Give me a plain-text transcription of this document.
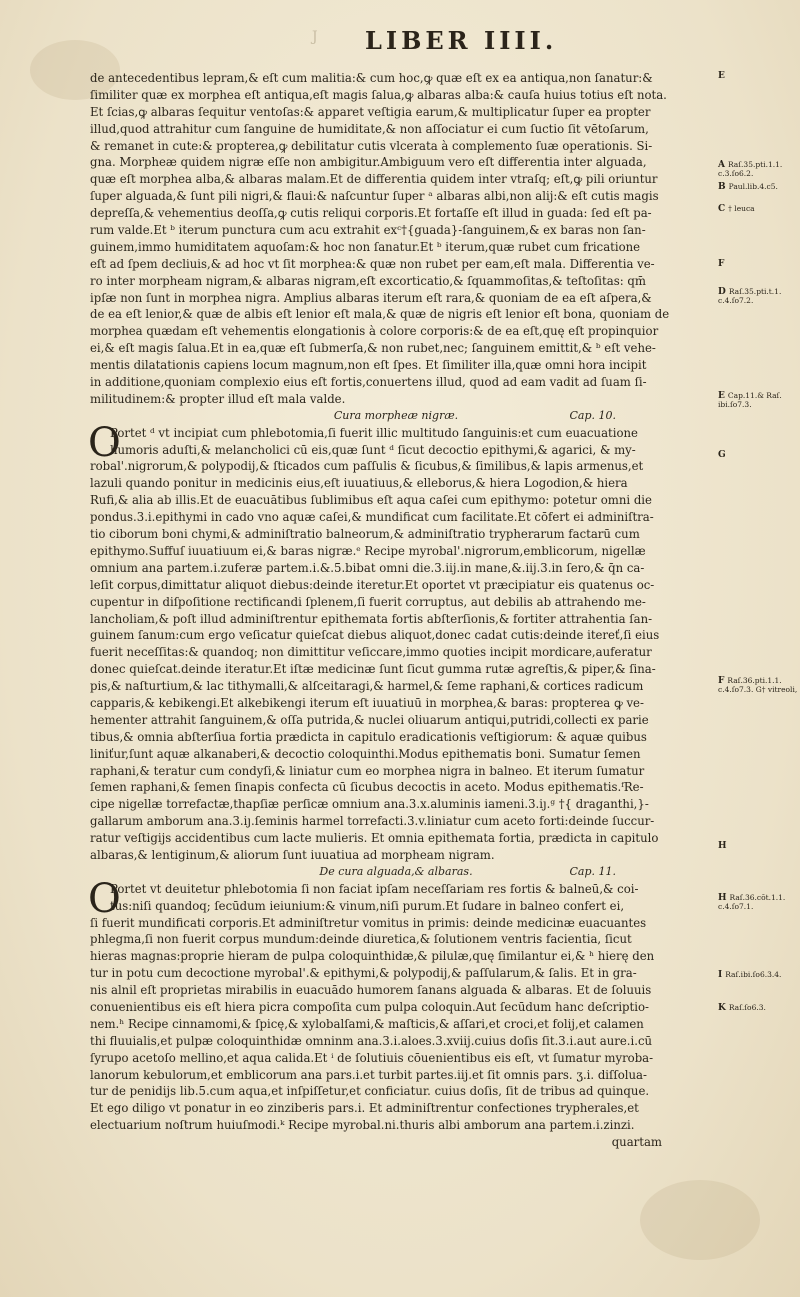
J LIBER IIII.
de antecedentibus lepram,& eſt cum malitia:& cum hoc,ꝙ quæ eſt ex ea antiqua,non ſanatur:&
ſimiliter quæ ex morphea eſt antiqua,eſt magis ſalua,ꝙ albaras alba:& cauſa huius totius eſt nota.
Et ſcias,ꝙ albaras ſequitur ventoſas:& apparet veſtigia earum,& multiplicatur ſuper ea propter
illud,quod attrahitur cum ſanguine de humiditate,& non aſſociatur ei cum ſuctio ſit vētoſarum,
& remanet in cute:& propterea,ꝙ debilitatur cutis vlcerata à complemento ſuæ operationis. Si-
gna. Morpheæ quidem nigræ eſſe non ambigitur.Ambiguum vero eſt differentia inter alguada,
quæ eſt morphea alba,& albaras malam.Et de differentia quidem inter vtraſq; eſt,ꝙ pili oriuntur
ſuper alguada,& ſunt pili nigri,& flaui:& naſcuntur ſuper ᵃ albaras albi,non alij:& eſt cutis magis
depreſſa,& vehementius deoſſa,ꝙ cutis reliqui corporis.Et fortaſſe eſt illud in guada: ſed eſt pa-
rum valde.Et ᵇ iterum punctura cum acu extrahit exᶜ†{guada}-ſanguinem,& ex baras non ſan-
guinem,immo humiditatem aquoſam:& hoc non ſanatur.Et ᵇ iterum,quæ rubet cum fricatione
eſt ad ſpem decliuis,& ad hoc vt ſit morphea:& quæ non rubet per eam,eſt mala. Differentia ve-
ro inter morpheam nigram,& albaras nigram,eſt excorticatio,& ſquammoſitas,& teſtoſitas: qm̄
ipſæ non ſunt in morphea nigra. Amplius albaras iterum eſt rara,& quoniam de ea eſt aſpera,&
de ea eſt lenior,& quæ de albis eſt lenior eſt mala,& quæ de nigris eſt lenior eſt bona, quoniam de
morphea quædam eſt vehementis elongationis à colore corporis:& de ea eſt,quę eſt propinquior
ei,& eſt magis ſalua.Et in ea,quæ eſt ſubmerſa,& non rubet,nec; ſanguinem emittit,& ᵇ eſt vehe-
mentis dilatationis capiens locum magnum,non eſt ſpes. Et ſimiliter illa,quæ omni hora incipit
in additione,quoniam complexio eius eſt fortis,conuertens illud, quod ad eam vadit ad ſuam ſi-
militudinem:& propter illud eſt mala valde.
Cura morpheæ nigræ.	Cap. 10.
O
Portet ᵈ vt incipiat cum phlebotomia,ſi fuerit illic multitudo ſanguinis:et cum euacuatione
humoris aduſti,& melancholici cū eis,quæ ſunt ᵈ ſicut decoctio epithymi,& agarici, & my-
robal'.nigrorum,& polypodij,& ſticados cum paſſulis & ſicubus,& ſimilibus,& lapis armenus,et
lazuli quando ponitur in medicinis eius,eſt iuuatiuus,& elleborus,& hiera Logodion,& hiera
Rufi,& alia ab illis.Et de euacuātibus ſublimibus eſt aqua caſei cum epithymo: potetur omni die
pondus.3.i.epithymi in cado vno aquæ caſei,& mundificat cum facilitate.Et cōfert ei adminiſtra-
tio ciborum boni chymi,& adminiſtratio balneorum,& adminiſtratio trypherarum factarū cum
epithymo.Suffuſ iuuatiuum ei,& baras nigræ.ᵉ Recipe myrobal'.nigrorum,emblicorum, nigellæ
omnium ana partem.i.zuferæ partem.i.&.5.bibat omni die.3.iij.in mane,&.iij.3.in ſero,& q̄n ca-
leſit corpus,dimittatur aliquot diebus:deinde iteretur.Et oportet vt præcipiatur eis quatenus oc-
cupentur in diſpoſitione rectificandi ſplenem,ſi fuerit corruptus, aut debilis ab attrahendo me-
lancholiam,& poſt illud adminiſtrentur epithemata fortis abſterſionis,& fortiter attrahentia ſan-
guinem ſanum:cum ergo veſicatur quieſcat diebus aliquot,donec cadat cutis:deinde itereť,ſi eius
fuerit neceſſitas:& quandoq; non dimittitur veſiccare,immo quoties incipit mordicare,auferatur
donec quieſcat.deinde iteratur.Et iſtæ medicinæ ſunt ſicut gumma rutæ agreſtis,& piper,& ſina-
pis,& naſturtium,& lac tithymalli,& alſceitaragi,& harmel,& ſeme raphani,& cortices radicum
capparis,& kebikengi.Et alkebikengi iterum eſt iuuatiuū in morphea,& baras: propterea ꝙ ve-
hementer attrahit ſanguinem,& oſſa putrida,& nuclei oliuarum antiqui,putridi,collecti ex parie
tibus,& omnia abſterſiua fortia prædicta in capitulo eradicationis veſtigiorum: & aquæ quibus
liniťur,ſunt aquæ alkanaberi,& decoctio coloquinthi.Modus epithematis boni. Sumatur ſemen
raphani,& teratur cum condyſi,& liniatur cum eo morphea nigra in balneo. Et iterum ſumatur
ſemen raphani,& ſemen ſinapis confecta cū ſicubus decoctis in aceto. Modus epithematis.ᶠRe-
cipe nigellæ torrefactæ,thapſiæ perſicæ omnium ana.3.x.aluminis iameni.3.iȷ.ᵍ †{ draganthi,}-
gallarum amborum ana.3.iȷ.ſeminis harmel torrefacti.3.v.liniatur cum aceto forti:deinde ſuccur-
ratur veſtigijs accidentibus cum lacte mulieris. Et omnia epithemata fortia, prædicta in capitulo
albaras,& lentiginum,& aliorum ſunt iuuatiua ad morpheam nigram.
De cura alguada,& albaras.	Cap. 11.
O
Portet vt deuitetur phlebotomia ſi non faciat ipſam neceſſariam res fortis & balneū,& coi-
tus:niſi quandoq; ſecūdum ieiunium:& vinum,niſi purum.Et ſudare in balneo confert ei,
ſi fuerit mundificati corporis.Et adminiſtretur vomitus in primis: deinde medicinæ euacuantes
phlegma,ſi non fuerit corpus mundum:deinde diuretica,& ſolutionem ventris facientia, ſicut
hieras magnas:proprie hieram de pulpa coloquinthidæ,& pilulæ,quę ſimilantur ei,& ʰ hierę den
tur in potu cum decoctione myrobal'.& epithymi,& polypodij,& paſſularum,& ſalis. Et in gra-
nis alnil eſt proprietas mirabilis in euacuādo humorem ſanans alguada & albaras. Et de ſoluuis
conuenientibus eis eſt hiera picra compoſita cum pulpa coloquin.Aut ſecūdum hanc deſcriptio-
nem.ʰ Recipe cinnamomi,& ſpicę,& xylobalſami,& maſticis,& aſſari,et croci,et folij,et calamen
thi fluuialis,et pulpæ coloquinthidæ omninm ana.3.i.aloes.3.xviij.cuius doſis ſit.3.i.aut aure.i.cū
ſyrupo acetoſo mellino,et aqua calida.Et ⁱ de ſolutiuis cōuenientibus eis eſt, vt ſumatur myroba-
lanorum kebulorum,et emblicorum ana pars.i.et turbit partes.iij.et ſit omnis pars. ʒ.i. diſſolua-
tur de penidijs lib.5.cum aqua,et inſpiſſetur,et conficiatur. cuius doſis, ſit de tribus ad quinque.
Et ego diligo vt ponatur in eo zinziberis pars.i. Et adminiſtrentur confectiones trypherales,et
electuarium noſtrum huiuſmodi.ᵏ Recipe myrobal.ni.thuris albi amborum ana partem.i.zinzi.
quartam
E
A Raſ.35.pti.1.1. c.3.ſo6.2.
B Paul.lib.4.c5.
C † leuca
F
D Raſ.35.pti.t.1. c.4.ſo7.2.
E Cap.11.& Raſ. ibi.ſo7.3.
G
F Raſ.36.pti.1.1. c.4.ſo7.3. G† vitreoli,
H
H Raſ.36.cōt.1.1. c.4.ſo7.1.
I Raſ.ibi.ſo6.3.4.
K Raſ.ſo6.3.
